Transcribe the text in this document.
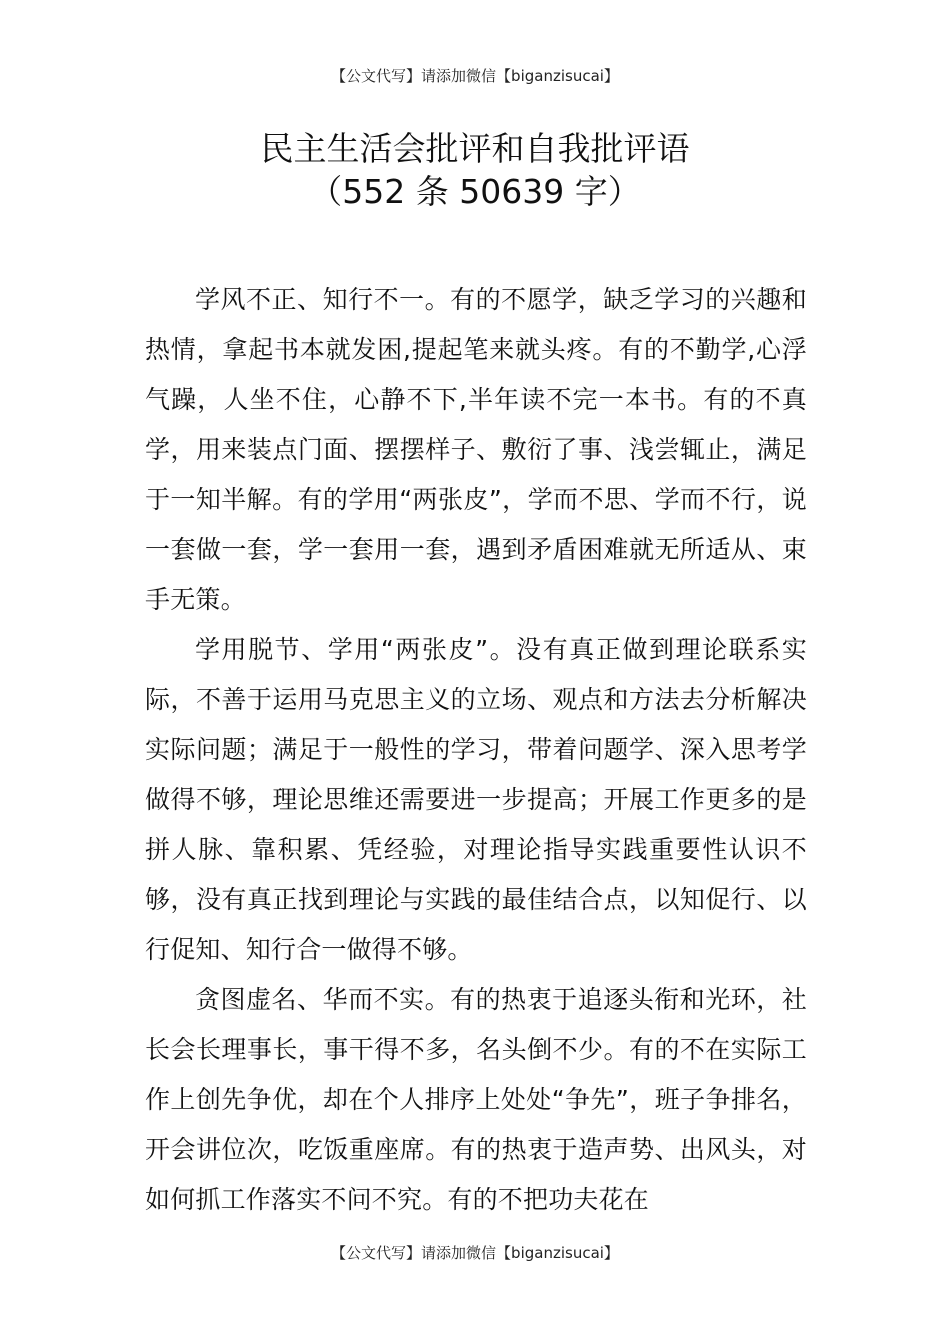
【公文代写】请添加微信【biganzisucai】
民主生活会批评和自我批评语
（552 条 50639 字）

学风不正、知行不一。有的不愿学，缺乏学习的兴趣和热情，拿起书本就发困,提起笔来就头疼。有的不勤学,心浮气躁，人坐不住，心静不下,半年读不完一本书。有的不真学，用来装点门面、摆摆样子、敷衍了事、浅尝辄止，满足于一知半解。有的学用“两张皮”，学而不思、学而不行，说一套做一套，学一套用一套，遇到矛盾困难就无所适从、束手无策。

学用脱节、学用“两张皮”。没有真正做到理论联系实际，不善于运用马克思主义的立场、观点和方法去分析解决实际问题；满足于一般性的学习，带着问题学、深入思考学做得不够，理论思维还需要进一步提高；开展工作更多的是拼人脉、靠积累、凭经验，对理论指导实践重要性认识不够，没有真正找到理论与实践的最佳结合点，以知促行、以行促知、知行合一做得不够。

贪图虚名、华而不实。有的热衷于追逐头衔和光环，社长会长理事长，事干得不多，名头倒不少。有的不在实际工作上创先争优，却在个人排序上处处“争先”，班子争排名，开会讲位次，吃饭重座席。有的热衷于造声势、出风头，对如何抓工作落实不问不究。有的不把功夫花在

【公文代写】请添加微信【biganzisucai】
